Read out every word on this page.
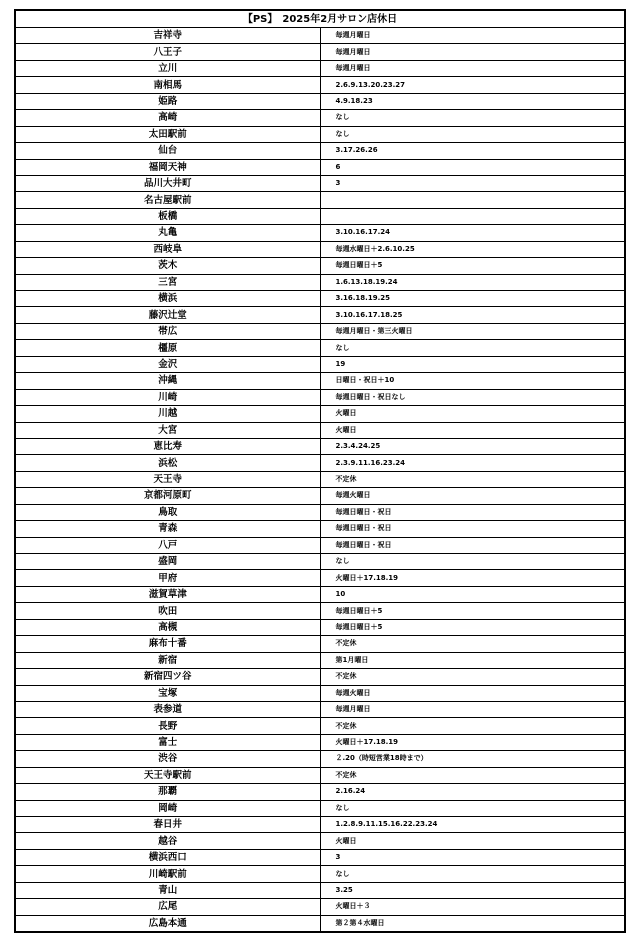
【PS】　2025年2月サロン店休日	
吉祥寺	毎週月曜日
八王子	毎週月曜日
立川	毎週月曜日
南相馬	2.6.9.13.20.23.27
姫路	4.9.18.23
高崎	なし
太田駅前	なし
仙台	3.17.26.26
福岡天神	6
品川大井町	3
名古屋駅前	
板橋	
丸亀	3.10.16.17.24
西岐阜	毎週水曜日＋2.6.10.25
茨木	毎週日曜日＋5
三宮	1.6.13.18.19.24
横浜	3.16.18.19.25
藤沢辻堂	3.10.16.17.18.25
帯広	毎週月曜日・第三火曜日
橿原	なし
金沢	19
沖縄	日曜日・祝日＋10
川崎	毎週日曜日・祝日なし
川越	火曜日
大宮	火曜日
恵比寿	2.3.4.24.25
浜松	2.3.9.11.16.23.24
天王寺	不定休
京都河原町	毎週火曜日
鳥取	毎週日曜日・祝日
青森	毎週日曜日・祝日
八戸	毎週日曜日・祝日
盛岡	なし
甲府	火曜日＋17.18.19
滋賀草津	10
吹田	毎週日曜日＋5
高槻	毎週日曜日＋5
麻布十番	不定休
新宿	第1月曜日
新宿四ツ谷	不定休
宝塚	毎週火曜日
表参道	毎週月曜日
長野	不定休
富士	火曜日＋17.18.19
渋谷	２.20（時短営業18時まで）
天王寺駅前	不定休
那覇	2.16.24
岡崎	なし
春日井	1.2.8.9.11.15.16.22.23.24
越谷	火曜日
横浜西口	3
川崎駅前	なし
青山	3.25
広尾	火曜日＋３
広島本通	第２第４水曜日
